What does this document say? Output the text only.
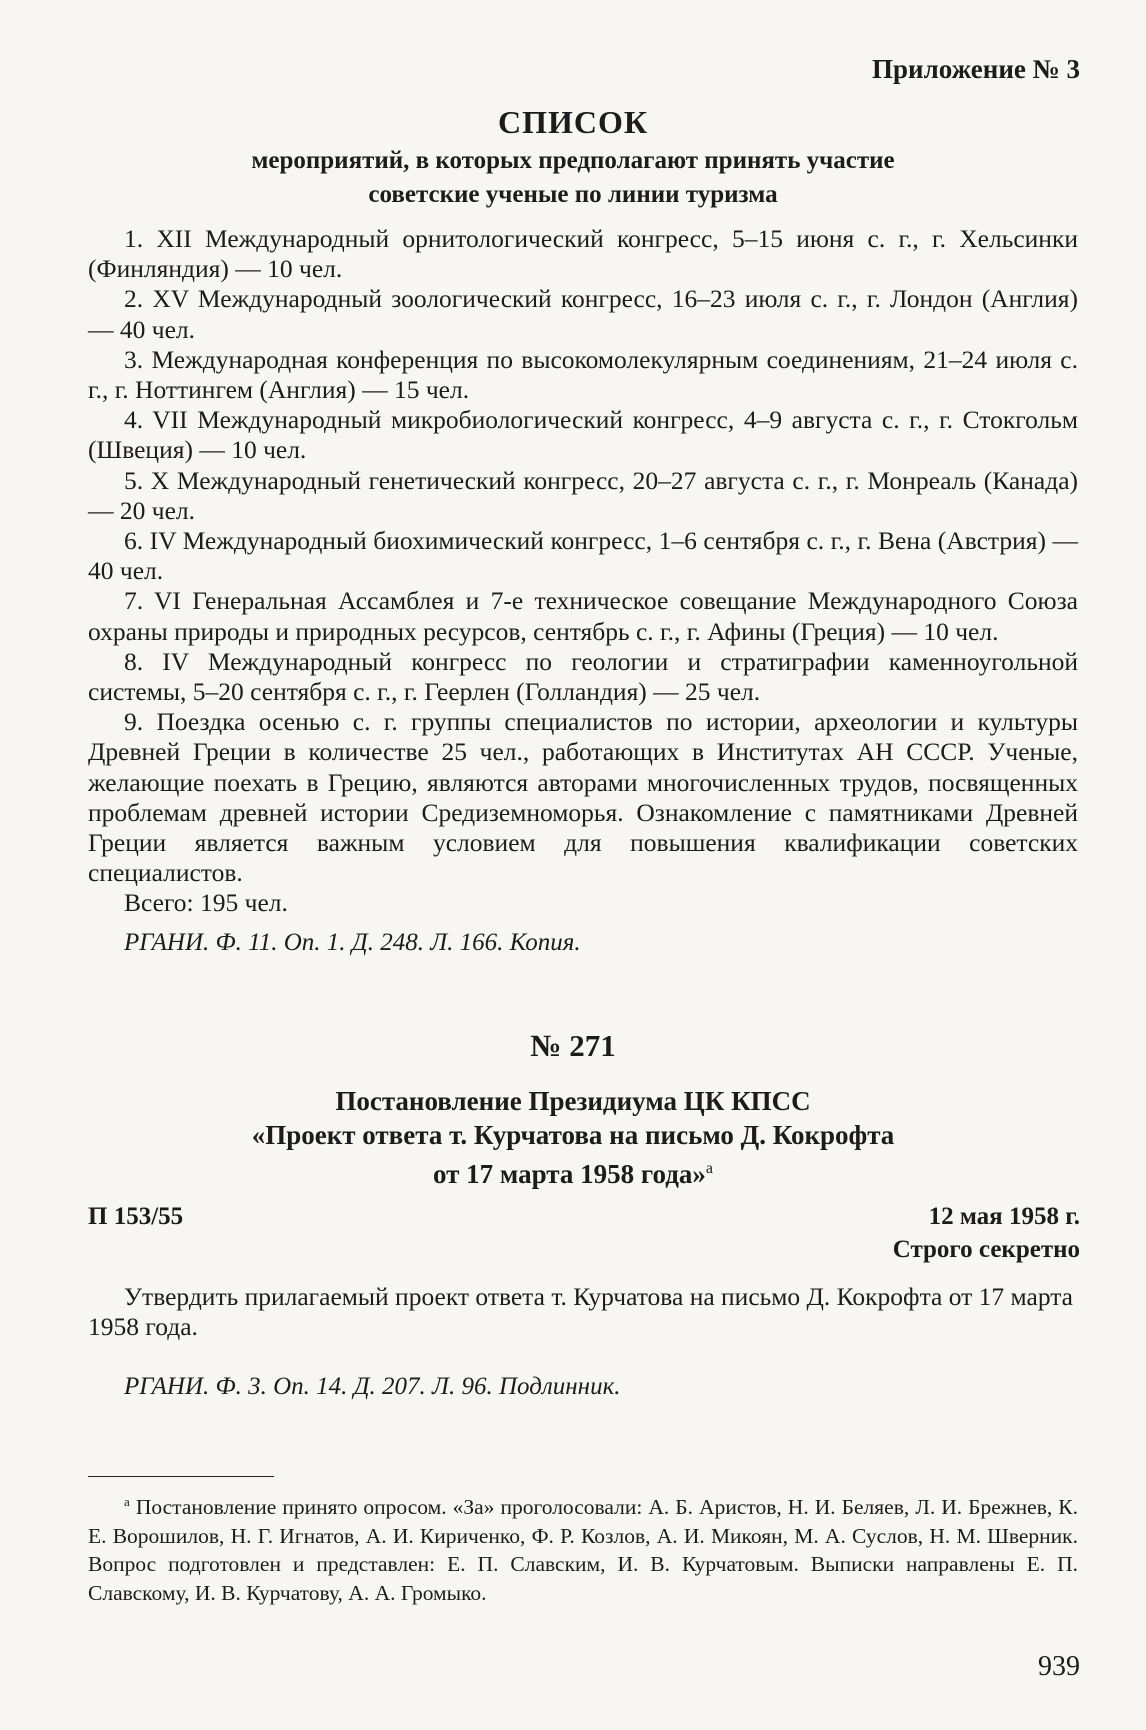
Приложение № 3
СПИСОК
мероприятий, в которых предполагают принять участие
советские ученые по линии туризма

1. XII Международный орнитологический конгресс, 5–15 июня с. г., г. Хельсинки (Финляндия) — 10 чел.

2. XV Международный зоологический конгресс, 16–23 июля с. г., г. Лондон (Англия) — 40 чел.

3. Международная конференция по высокомолекулярным соединениям, 21–24 июля с. г., г. Ноттингем (Англия) — 15 чел.

4. VII Международный микробиологический конгресс, 4–9 августа с. г., г. Стокгольм (Швеция) — 10 чел.

5. X Международный генетический конгресс, 20–27 августа с. г., г. Монреаль (Канада) — 20 чел.

6. IV Международный биохимический конгресс, 1–6 сентября с. г., г. Вена (Австрия) — 40 чел.

7. VI Генеральная Ассамблея и 7-е техническое совещание Международного Союза охраны природы и природных ресурсов, сентябрь с. г., г. Афины (Греция) — 10 чел.

8. IV Международный конгресс по геологии и стратиграфии каменноугольной системы, 5–20 сентября с. г., г. Геерлен (Голландия) — 25 чел.

9. Поездка осенью с. г. группы специалистов по истории, археологии и культуры Древней Греции в количестве 25 чел., работающих в Институтах АН СССР. Ученые, желающие поехать в Грецию, являются авторами многочисленных трудов, посвященных проблемам древней истории Средиземноморья. Ознакомление с памятниками Древней Греции является важным условием для повышения квалификации советских специалистов.

Всего: 195 чел.

РГАНИ. Ф. 11. Оп. 1. Д. 248. Л. 166. Копия.
№ 271
Постановление Президиума ЦК КПСС
«Проект ответа т. Курчатова на письмо Д. Кокрофта
от 17 марта 1958 года»$^а$
П 153/55	12 мая 1958 г.
Строго секретно

Утвердить прилагаемый проект ответа т. Курчатова на письмо Д. Кокрофта от 17 марта 1958 года.

РГАНИ. Ф. 3. Оп. 14. Д. 207. Л. 96. Подлинник.

$^а$ Постановление принято опросом. «За» проголосовали: А. Б. Аристов, Н. И. Беляев, Л. И. Брежнев, К. Е. Ворошилов, Н. Г. Игнатов, А. И. Кириченко, Ф. Р. Козлов, А. И. Микоян, М. А. Суслов, Н. М. Шверник. Вопрос подготовлен и представлен: Е. П. Славским, И. В. Курчатовым. Выписки направлены Е. П. Славскому, И. В. Курчатову, А. А. Громыко.

939
